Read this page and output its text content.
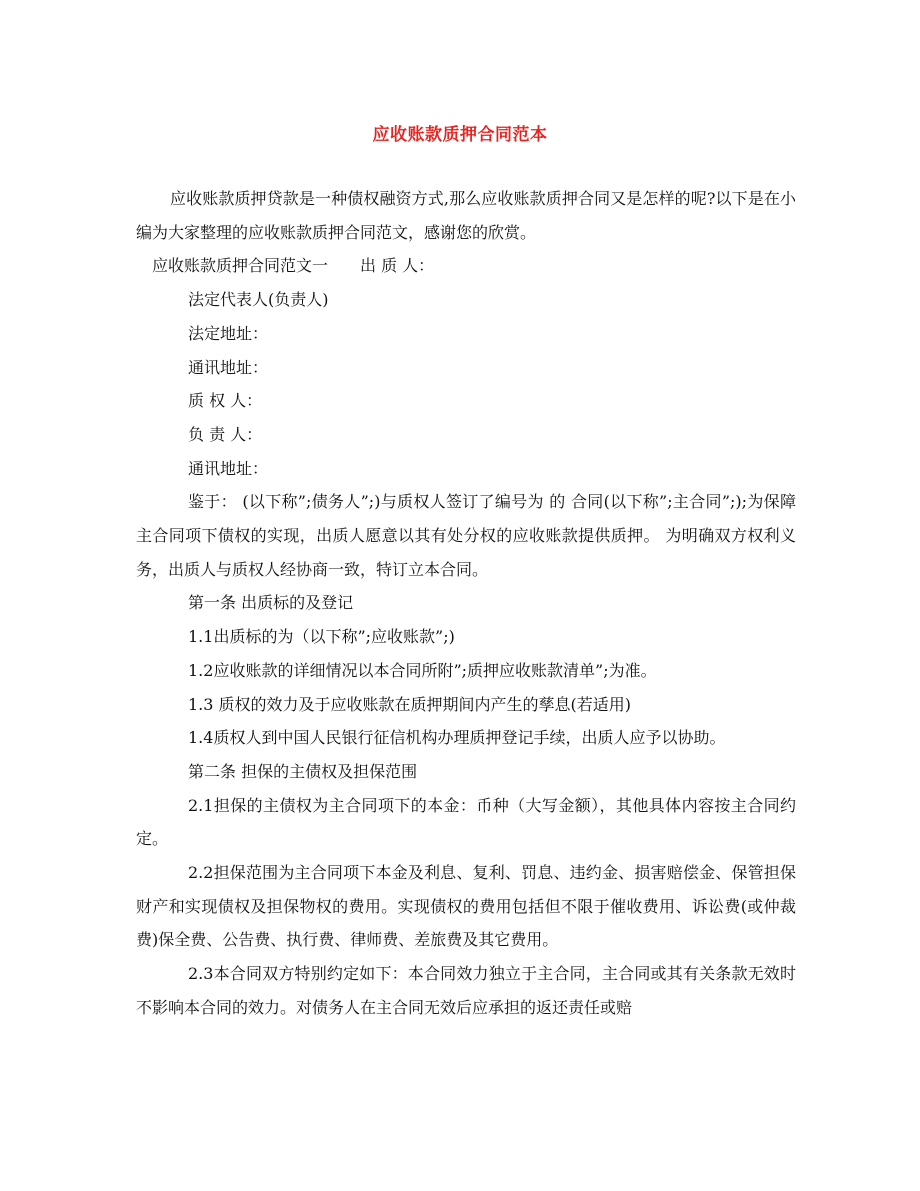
应收账款质押合同范本

应收账款质押贷款是一种债权融资方式,那么应收账款质押合同又是怎样的呢?以下是在小编为大家整理的应收账款质押合同范文，感谢您的欣赏。

应收账款质押合同范文一　　出 质 人：

法定代表人(负责人)

法定地址：

通讯地址：

质 权 人：

负 责 人：

通讯地址：

鉴于： (以下称”;债务人”;)与质权人签订了编号为 的 合同(以下称”;主合同”;);为保障主合同项下债权的实现，出质人愿意以其有处分权的应收账款提供质押。 为明确双方权利义务，出质人与质权人经协商一致，特订立本合同。

第一条 出质标的及登记

1.1出质标的为（以下称”;应收账款”;)

1.2应收账款的详细情况以本合同所附”;质押应收账款清单”;为准。

1.3 质权的效力及于应收账款在质押期间内产生的孳息(若适用)

1.4质权人到中国人民银行征信机构办理质押登记手续，出质人应予以协助。

第二条 担保的主债权及担保范围

2.1担保的主债权为主合同项下的本金：币种（大写金额），其他具体内容按主合同约定。

2.2担保范围为主合同项下本金及利息、复利、罚息、违约金、损害赔偿金、保管担保财产和实现债权及担保物权的费用。实现债权的费用包括但不限于催收费用、诉讼费(或仲裁费)保全费、公告费、执行费、律师费、差旅费及其它费用。

2.3本合同双方特别约定如下：本合同效力独立于主合同，主合同或其有关条款无效时不影响本合同的效力。对债务人在主合同无效后应承担的返还责任或赔
